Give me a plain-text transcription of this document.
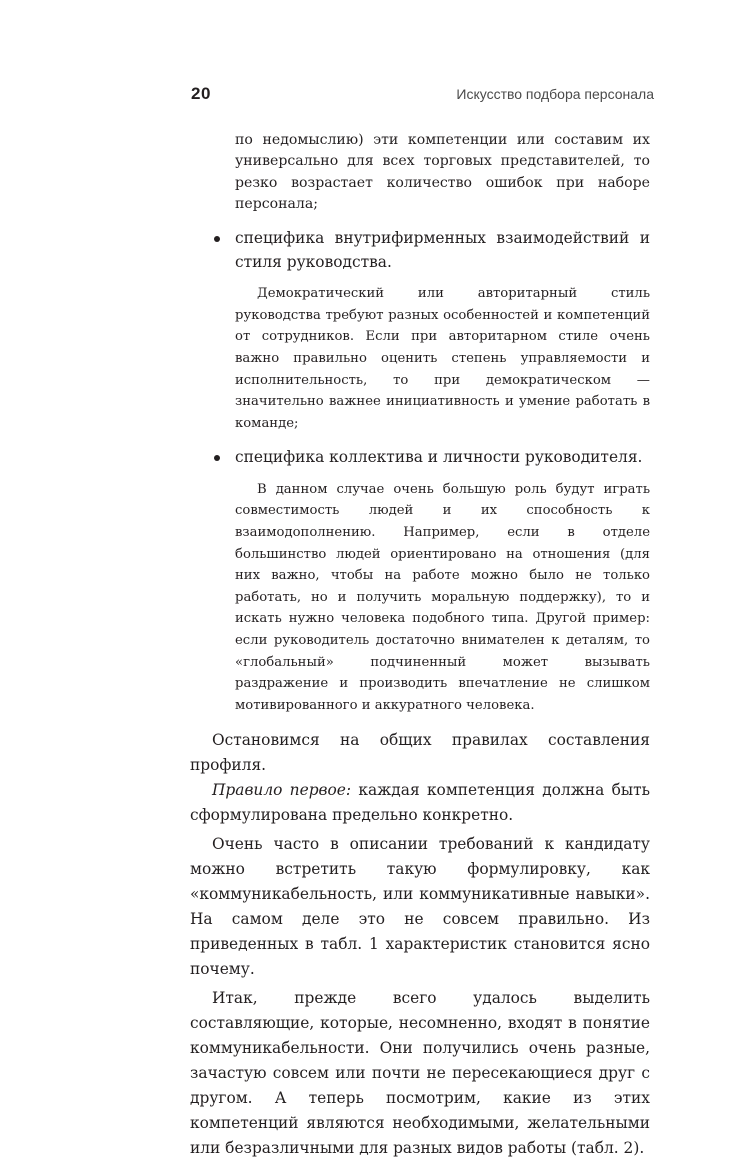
20	Искусство подбора персонала

по недомыслию) эти компетенции или составим их универсально для всех торговых представителей, то резко возрастает количество ошибок при наборе персонала;

специфика внутрифирменных взаимодействий и стиля руководства.

Демократический или авторитарный стиль руководства требуют разных особенностей и компетенций от сотрудников. Если при авторитарном стиле очень важно правильно оценить степень управляемости и исполнительность, то при демократическом — значительно важнее инициативность и умение работать в команде;

специфика коллектива и личности руководителя.

В данном случае очень большую роль будут играть совместимость людей и их способность к взаимодополнению. Например, если в отделе большинство людей ориентировано на отношения (для них важно, чтобы на работе можно было не только работать, но и получить моральную поддержку), то и искать нужно человека подобного типа. Другой пример: если руководитель достаточно внимателен к деталям, то «глобальный» подчиненный может вызывать раздражение и производить впечатление не слишком мотивированного и аккуратного человека.

Остановимся на общих правилах составления профиля.

Правило первое: каждая компетенция должна быть сформулирована предельно конкретно.

Очень часто в описании требований к кандидату можно встретить такую формулировку, как «коммуникабельность, или коммуникативные навыки». На самом деле это не совсем правильно. Из приведенных в табл. 1 характеристик становится ясно почему.

Итак, прежде всего удалось выделить составляющие, которые, несомненно, входят в понятие коммуникабельности. Они получились очень разные, зачастую совсем или почти не пересекающиеся друг с другом. А теперь посмотрим, какие из этих компетенций являются необходимыми, желательными или безразличными для разных видов работы (табл. 2).
